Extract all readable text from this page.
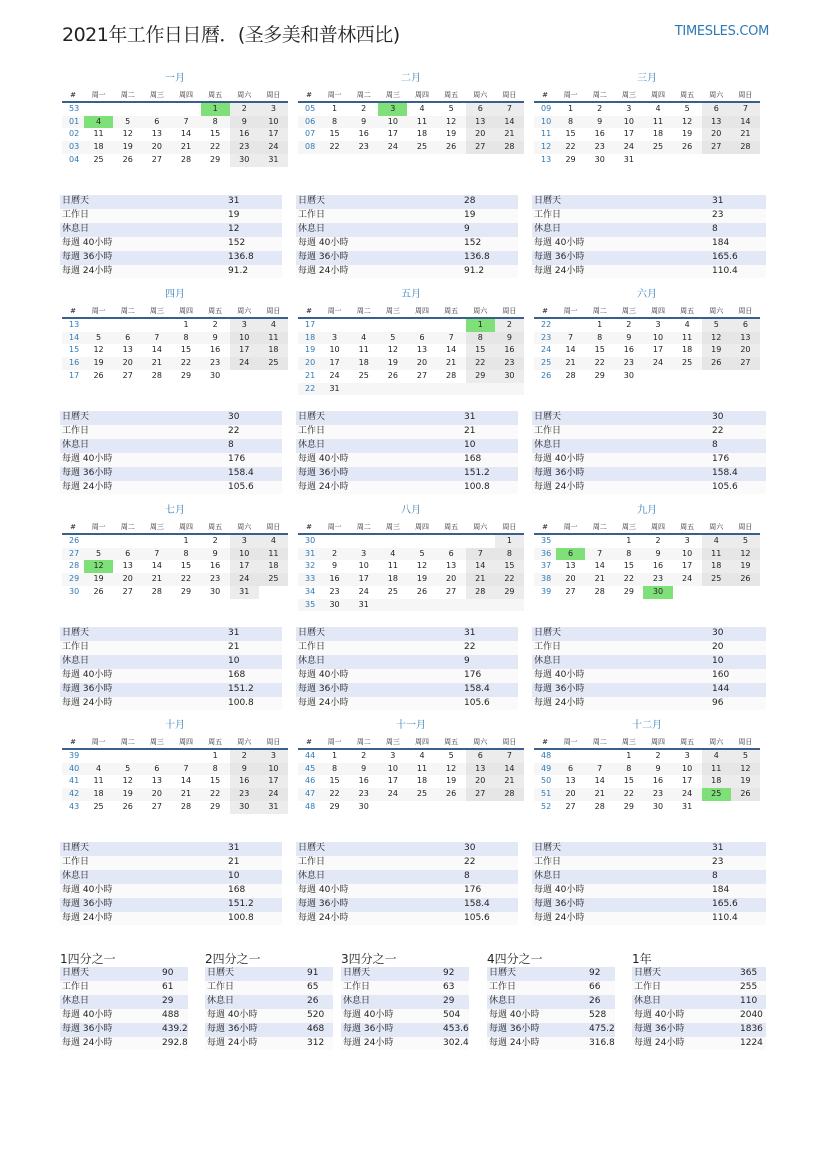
2021年工作日日曆．(圣多美和普林西比)	TIMESLES.COM
一月
#	周一	周二	周三	周四	周五	周六	周日
53					1	2	3
01	4	5	6	7	8	9	10
02	11	12	13	14	15	16	17
03	18	19	20	21	22	23	24
04	25	26	27	28	29	30	31
日曆天	31
工作日	19
休息日	12
每週 40小時	152
每週 36小時	136.8
每週 24小時	91.2
二月
#	周一	周二	周三	周四	周五	周六	周日
05	1	2	3	4	5	6	7
06	8	9	10	11	12	13	14
07	15	16	17	18	19	20	21
08	22	23	24	25	26	27	28
日曆天	28
工作日	19
休息日	9
每週 40小時	152
每週 36小時	136.8
每週 24小時	91.2
三月
#	周一	周二	周三	周四	周五	周六	周日
09	1	2	3	4	5	6	7
10	8	9	10	11	12	13	14
11	15	16	17	18	19	20	21
12	22	23	24	25	26	27	28
13	29	30	31				
日曆天	31
工作日	23
休息日	8
每週 40小時	184
每週 36小時	165.6
每週 24小時	110.4
四月
#	周一	周二	周三	周四	周五	周六	周日
13				1	2	3	4
14	5	6	7	8	9	10	11
15	12	13	14	15	16	17	18
16	19	20	21	22	23	24	25
17	26	27	28	29	30		
日曆天	30
工作日	22
休息日	8
每週 40小時	176
每週 36小時	158.4
每週 24小時	105.6
五月
#	周一	周二	周三	周四	周五	周六	周日
17						1	2
18	3	4	5	6	7	8	9
19	10	11	12	13	14	15	16
20	17	18	19	20	21	22	23
21	24	25	26	27	28	29	30
22	31						
日曆天	31
工作日	21
休息日	10
每週 40小時	168
每週 36小時	151.2
每週 24小時	100.8
六月
#	周一	周二	周三	周四	周五	周六	周日
22		1	2	3	4	5	6
23	7	8	9	10	11	12	13
24	14	15	16	17	18	19	20
25	21	22	23	24	25	26	27
26	28	29	30				
日曆天	30
工作日	22
休息日	8
每週 40小時	176
每週 36小時	158.4
每週 24小時	105.6
七月
#	周一	周二	周三	周四	周五	周六	周日
26				1	2	3	4
27	5	6	7	8	9	10	11
28	12	13	14	15	16	17	18
29	19	20	21	22	23	24	25
30	26	27	28	29	30	31	
日曆天	31
工作日	21
休息日	10
每週 40小時	168
每週 36小時	151.2
每週 24小時	100.8
八月
#	周一	周二	周三	周四	周五	周六	周日
30							1
31	2	3	4	5	6	7	8
32	9	10	11	12	13	14	15
33	16	17	18	19	20	21	22
34	23	24	25	26	27	28	29
35	30	31					
日曆天	31
工作日	22
休息日	9
每週 40小時	176
每週 36小時	158.4
每週 24小時	105.6
九月
#	周一	周二	周三	周四	周五	周六	周日
35			1	2	3	4	5
36	6	7	8	9	10	11	12
37	13	14	15	16	17	18	19
38	20	21	22	23	24	25	26
39	27	28	29	30			
日曆天	30
工作日	20
休息日	10
每週 40小時	160
每週 36小時	144
每週 24小時	96
十月
#	周一	周二	周三	周四	周五	周六	周日
39					1	2	3
40	4	5	6	7	8	9	10
41	11	12	13	14	15	16	17
42	18	19	20	21	22	23	24
43	25	26	27	28	29	30	31
日曆天	31
工作日	21
休息日	10
每週 40小時	168
每週 36小時	151.2
每週 24小時	100.8
十一月
#	周一	周二	周三	周四	周五	周六	周日
44	1	2	3	4	5	6	7
45	8	9	10	11	12	13	14
46	15	16	17	18	19	20	21
47	22	23	24	25	26	27	28
48	29	30					
日曆天	30
工作日	22
休息日	8
每週 40小時	176
每週 36小時	158.4
每週 24小時	105.6
十二月
#	周一	周二	周三	周四	周五	周六	周日
48			1	2	3	4	5
49	6	7	8	9	10	11	12
50	13	14	15	16	17	18	19
51	20	21	22	23	24	25	26
52	27	28	29	30	31		
日曆天	31
工作日	23
休息日	8
每週 40小時	184
每週 36小時	165.6
每週 24小時	110.4
1四分之一
日曆天	90
工作日	61
休息日	29
每週 40小時	488
每週 36小時	439.2
每週 24小時	292.8
2四分之一
日曆天	91
工作日	65
休息日	26
每週 40小時	520
每週 36小時	468
每週 24小時	312
3四分之一
日曆天	92
工作日	63
休息日	29
每週 40小時	504
每週 36小時	453.6
每週 24小時	302.4
4四分之一
日曆天	92
工作日	66
休息日	26
每週 40小時	528
每週 36小時	475.2
每週 24小時	316.8
1年
日曆天	365
工作日	255
休息日	110
每週 40小時	2040
每週 36小時	1836
每週 24小時	1224
